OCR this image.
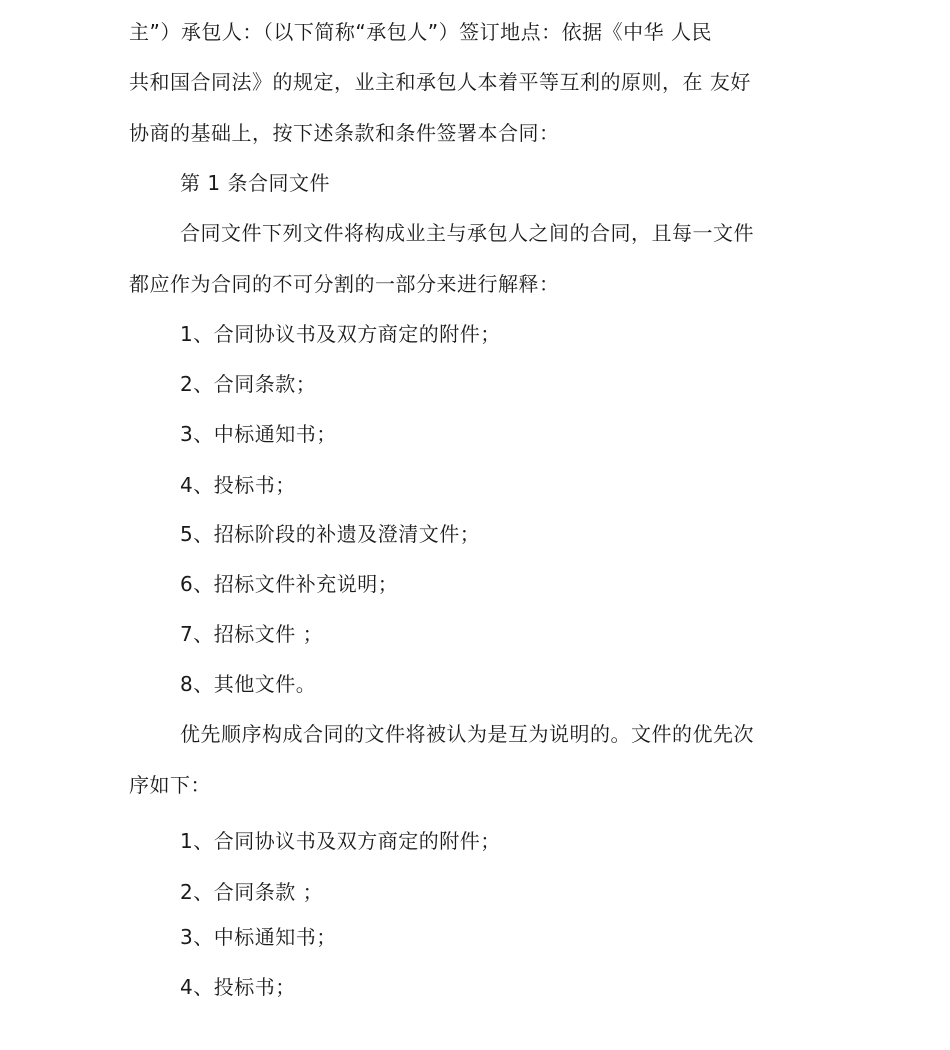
主”）承包人：（以下简称“承包人”）签订地点：依据《中华 人民
共和国合同法》的规定，业主和承包人本着平等互利的原则，在 友好
协商的基础上，按下述条款和条件签署本合同：
第 1 条合同文件
合同文件下列文件将构成业主与承包人之间的合同，且每一文件
都应作为合同的不可分割的一部分来进行解释：
1、合同协议书及双方商定的附件；
2、合同条款；
3、中标通知书；
4、投标书；
5、招标阶段的补遗及澄清文件；
6、招标文件补充说明；
7、招标文件 ；
8、其他文件。
优先顺序构成合同的文件将被认为是互为说明的。文件的优先次
序如下：
1、合同协议书及双方商定的附件；
2、合同条款 ；
3、中标通知书；
4、投标书；
